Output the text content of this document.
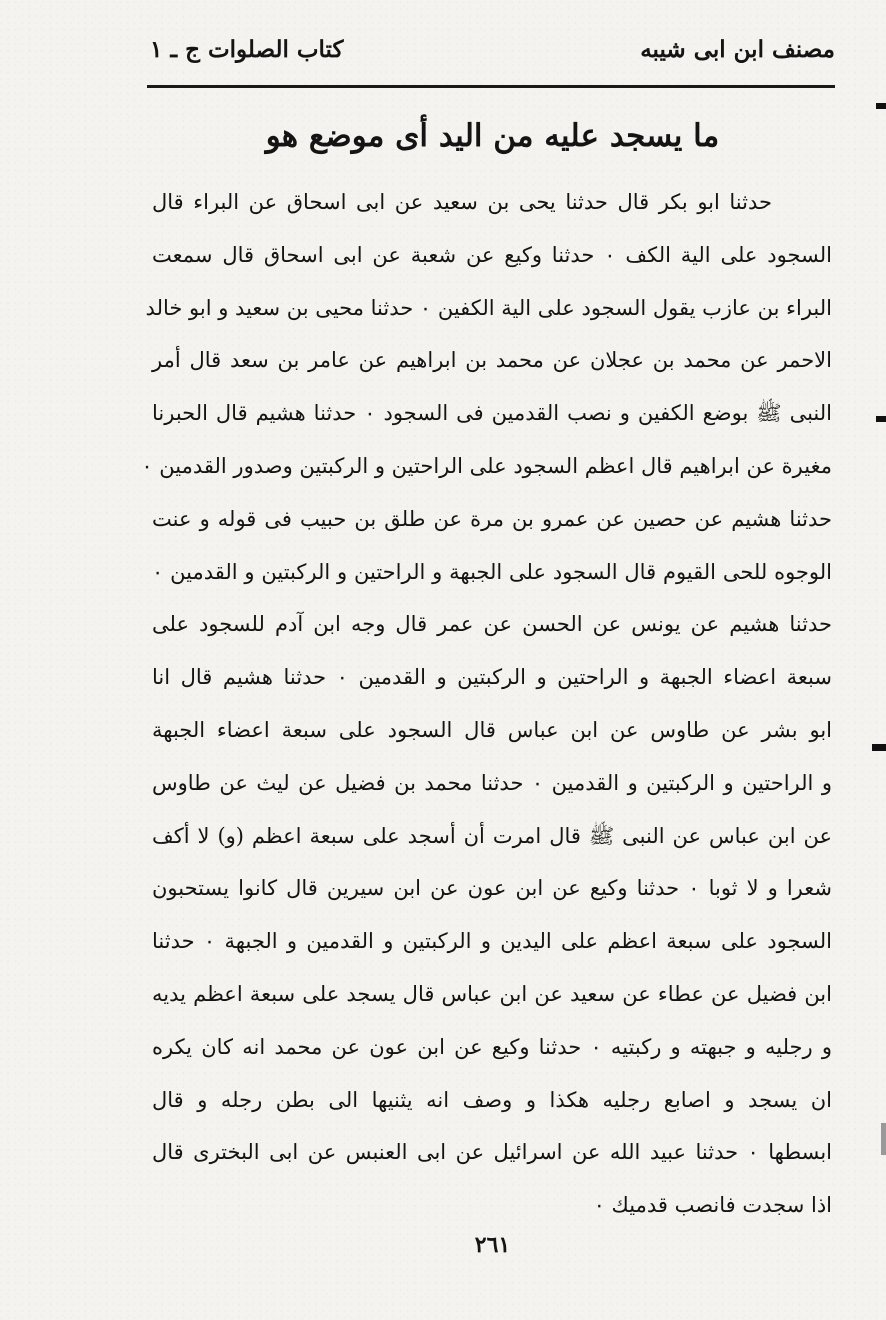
مصنف ابن ابی شیبه
کتاب الصلوات ج ـ ۱
ما يسجد عليه من اليد أى موضع هو
حدثنا ابو بكر قال حدثنا يحى بن سعيد عن ابى اسحاق عن البراء قال
السجود على الية الكف ۰ حدثنا وكيع عن شعبة عن ابى اسحاق قال سمعت
البراء بن عازب يقول السجود على الية الكفين ۰ حدثنا محيى بن سعيد و ابو خالد
الاحمر عن محمد بن عجلان عن محمد بن ابراهيم عن عامر بن سعد قال أمر
النبى ﷺ بوضع الكفين و نصب القدمين فى السجود ۰ حدثنا هشيم قال الحبرنا
مغيرة عن ابراهيم قال اعظم السجود على الراحتين و الركبتين وصدور القدمين ۰
حدثنا هشيم عن حصين عن عمرو بن مرة عن طلق بن حبيب فى قوله و عنت
الوجوه للحى القيوم قال السجود على الجبهة و الراحتين و الركبتين و القدمين ۰
حدثنا هشيم عن يونس عن الحسن عن عمر قال وجه ابن آدم للسجود على
سبعة اعضاء الجبهة و الراحتين و الركبتين و القدمين ۰ حدثنا هشيم قال انا
ابو بشر عن طاوس عن ابن عباس قال السجود على سبعة اعضاء الجبهة
و الراحتين و الركبتين و القدمين ۰ حدثنا محمد بن فضيل عن ليث عن طاوس
عن ابن عباس عن النبى ﷺ قال امرت أن أسجد على سبعة اعظم (و) لا أكف
شعرا و لا ثوبا ۰ حدثنا وكيع عن ابن عون عن ابن سيرين قال كانوا يستحبون
السجود على سبعة اعظم على اليدين و الركبتين و القدمين و الجبهة ۰ حدثنا
ابن فضيل عن عطاء عن سعيد عن ابن عباس قال يسجد على سبعة اعظم يديه
و رجليه و جبهته و ركبتيه ۰ حدثنا وكيع عن ابن عون عن محمد انه كان يكره
ان يسجد و اصابع رجليه هكذا و وصف انه يثنيها الى بطن رجله و قال
ابسطها ۰ حدثنا عبيد الله عن اسرائيل عن ابى العنبس عن ابى البخترى قال
اذا سجدت فانصب قدميك ۰
٢٦١
